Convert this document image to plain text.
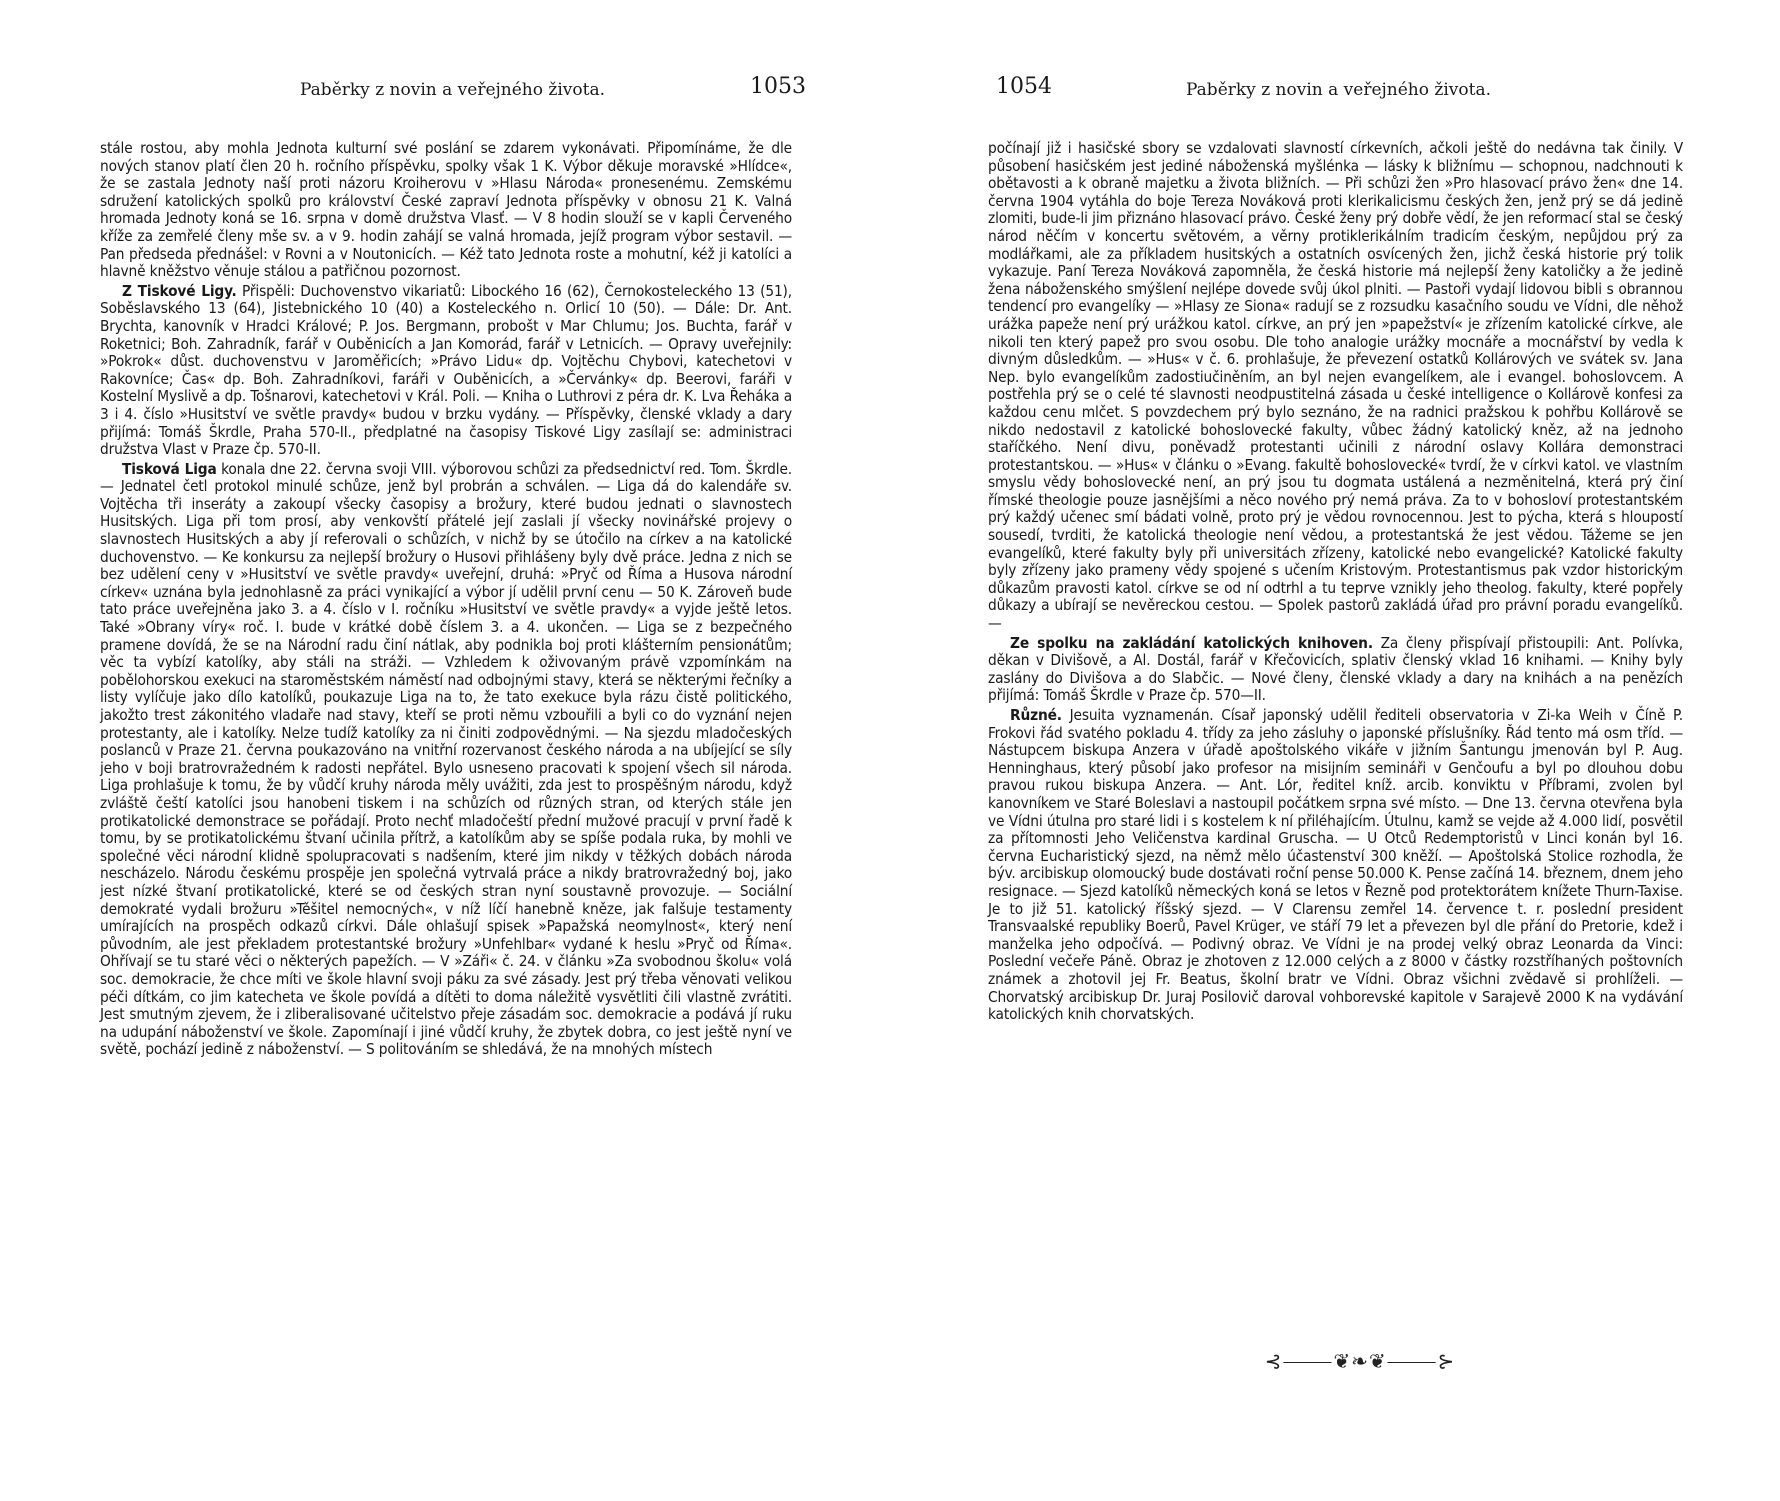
Paběrky z novin a veřejného života.	1053

stále rostou, aby mohla Jednota kulturní své poslání se zdarem vykonávati. Připomínáme, že dle nových stanov platí člen 20 h. ročního příspěvku, spolky však 1 K. Výbor děkuje moravské »Hlídce«, že se zastala Jednoty naší proti názoru Kroiherovu v »Hlasu Národa« pronesenému. Zemskému sdružení katolických spolků pro království České zapraví Jednota příspěvky v obnosu 21 K. Valná hromada Jednoty koná se 16. srpna v domě družstva Vlasť. — V 8 hodin slouží se v kapli Červeného kříže za zemřelé členy mše sv. a v 9. hodin zahájí se valná hromada, jejíž program výbor sestavil. — Pan předseda přednášel: v Rovni a v Noutonicích. — Kéž tato Jednota roste a mohutní, kéž ji katolíci a hlavně kněžstvo věnuje stálou a patřičnou pozornost.

Z Tiskové Ligy. Přispěli: Duchovenstvo vikariatů: Libockého 16 (62), Černokosteleckého 13 (51), Soběslavského 13 (64), Jistebnického 10 (40) a Kosteleckého n. Orlicí 10 (50). — Dále: Dr. Ant. Brychta, kanovník v Hradci Králové; P. Jos. Bergmann, probošt v Mar Chlumu; Jos. Buchta, farář v Roketnici; Boh. Zahradník, farář v Ouběnicích a Jan Komorád, farář v Letnicích. — Opravy uveřejnily: »Pokrok« důst. duchovenstvu v Jaroměřicích; »Právo Lidu« dp. Vojtěchu Chybovi, katechetovi v Rakovníce; Čas« dp. Boh. Zahradníkovi, faráři v Ouběnicích, a »Červánky« dp. Beerovi, faráři v Kostelní Myslivě a dp. Tošnarovi, katechetovi v Král. Poli. — Kniha o Luthrovi z péra dr. K. Lva Řeháka a 3 i 4. číslo »Husitství ve světle pravdy« budou v brzku vydány. — Příspěvky, členské vklady a dary přijímá: Tomáš Škrdle, Praha 570-II., předplatné na časopisy Tiskové Ligy zasílají se: administraci družstva Vlast v Praze čp. 570-II.

Tisková Liga konala dne 22. června svoji VIII. výborovou schůzi za předsednictví red. Tom. Škrdle. — Jednatel četl protokol minulé schůze, jenž byl probrán a schválen. — Liga dá do kalendáře sv. Vojtěcha tři inseráty a zakoupí všecky časopisy a brožury, které budou jednati o slavnostech Husitských. Liga při tom prosí, aby venkovští přátelé její zaslali jí všecky novinářské projevy o slavnostech Husitských a aby jí referovali o schůzích, v nichž by se útočilo na církev a na katolické duchovenstvo. — Ke konkursu za nejlepší brožury o Husovi přihlášeny byly dvě práce. Jedna z nich se bez udělení ceny v »Husitství ve světle pravdy« uveřejní, druhá: »Pryč od Říma a Husova národní církev« uznána byla jednohlasně za práci vynikající a výbor jí udělil první cenu — 50 K. Zároveň bude tato práce uveřejněna jako 3. a 4. číslo v I. ročníku »Husitství ve světle pravdy« a vyjde ještě letos. Také »Obrany víry« roč. I. bude v krátké době číslem 3. a 4. ukončen. — Liga se z bezpečného pramene dovídá, že se na Národní radu činí nátlak, aby podnikla boj proti klášterním pensionátům; věc ta vybízí katolíky, aby stáli na stráži. — Vzhledem k oživovaným právě vzpomínkám na pobělohorskou exekuci na staroměstském náměstí nad odbojnými stavy, která se některými řečníky a listy vylíčuje jako dílo katolíků, poukazuje Liga na to, že tato exekuce byla rázu čistě politického, jakožto trest zákonitého vladaře nad stavy, kteří se proti němu vzbouřili a byli co do vyznání nejen protestanty, ale i katolíky. Nelze tudíž katolíky za ni činiti zodpovědnými. — Na sjezdu mladočeských poslanců v Praze 21. června poukazováno na vnitřní rozervanost českého národa a na ubíjející se síly jeho v boji bratrovražedném k radosti nepřátel. Bylo usneseno pracovati k spojení všech sil národa. Liga prohlašuje k tomu, že by vůdčí kruhy národa měly uvážiti, zda jest to prospěšným národu, když zvláště čeští katolíci jsou hanobeni tiskem i na schůzích od různých stran, od kterých stále jen protikatolické demonstrace se pořádají. Proto nechť mladočeští přední mužové pracují v první řadě k tomu, by se protikatolickému štvaní učinila přítrž, a katolíkům aby se spíše podala ruka, by mohli ve společné věci národní klidně spolupracovati s nadšením, které jim nikdy v těžkých dobách národa nescházelo. Národu českému prospěje jen společná vytrvalá práce a nikdy bratrovražedný boj, jako jest nízké štvaní protikatolické, které se od českých stran nyní soustavně provozuje. — Sociální demokraté vydali brožuru »Těšitel nemocných«, v níž líčí hanebně kněze, jak falšuje testamenty umírajících na prospěch odkazů církvi. Dále ohlašují spisek »Papažská neomylnost«, který není původním, ale jest překladem protestantské brožury »Unfehlbar« vydané k heslu »Pryč od Říma«. Ohřívají se tu staré věci o některých papežích. — V »Záři« č. 24. v článku »Za svobodnou školu« volá soc. demokracie, že chce míti ve škole hlavní svoji páku za své zásady. Jest prý třeba věnovati velikou péči dítkám, co jim katecheta ve škole povídá a dítěti to doma náležitě vysvětliti čili vlastně zvrátiti. Jest smutným zjevem, že i zliberalisované učitelstvo přeje zásadám soc. demokracie a podává jí ruku na udupání náboženství ve škole. Zapomínají i jiné vůdčí kruhy, že zbytek dobra, co jest ještě nyní ve světě, pochází jedině z náboženství. — S politováním se shledává, že na mnohých místech

1054	Paběrky z novin a veřejného života.

počínají již i hasičské sbory se vzdalovati slavností církevních, ačkoli ještě do nedávna tak činily. V působení hasičském jest jediné náboženská myšlénka — lásky k bližnímu — schopnou, nadchnouti k obětavosti a k obraně majetku a života bližních. — Při schůzi žen »Pro hlasovací právo žen« dne 14. června 1904 vytáhla do boje Tereza Nováková proti klerikalicismu českých žen, jenž prý se dá jedině zlomiti, bude-li jim přiznáno hlasovací právo. České ženy prý dobře vědí, že jen reformací stal se český národ něčím v koncertu světovém, a věrny protiklerikálním tradicím českým, nepůjdou prý za modlářkami, ale za příkladem husitských a ostatních osvícených žen, jichž česká historie prý tolik vykazuje. Paní Tereza Nováková zapomněla, že česká historie má nejlepší ženy katoličky a že jedině žena náboženského smýšlení nejlépe dovede svůj úkol plniti. — Pastoři vydají lidovou bibli s obrannou tendencí pro evangelíky — »Hlasy ze Siona« radují se z rozsudku kasačního soudu ve Vídni, dle něhož urážka papeže není prý urážkou katol. církve, an prý jen »papežství« je zřízením katolické církve, ale nikoli ten který papež pro svou osobu. Dle toho analogie urážky mocnáře a mocnářství by vedla k divným důsledkům. — »Hus« v č. 6. prohlašuje, že převezení ostatků Kollárových ve svátek sv. Jana Nep. bylo evangelíkům zadostiučiněním, an byl nejen evangelíkem, ale i evangel. bohoslovcem. A postřehla prý se o celé té slavnosti neodpustitelná zásada u české intelligence o Kollárově konfesi za každou cenu mlčet. S povzdechem prý bylo seznáno, že na radnici pražskou k pohřbu Kollárově se nikdo nedostavil z katolické bohoslovecké fakulty, vůbec žádný katolický kněz, až na jednoho staříčkého. Není divu, poněvadž protestanti učinili z národní oslavy Kollára demonstraci protestantskou. — »Hus« v článku o »Evang. fakultě bohoslovecké« tvrdí, že v církvi katol. ve vlastním smyslu vědy bohoslovecké není, an prý jsou tu dogmata ustálená a nezměnitelná, která prý činí římské theologie pouze jasnějšími a něco nového prý nemá práva. Za to v bohosloví protestantském prý každý učenec smí bádati volně, proto prý je vědou rovnocennou. Jest to pýcha, která s hloupostí sousedí, tvrditi, že katolická theologie není vědou, a protestantská že jest vědou. Tážeme se jen evangelíků, které fakulty byly při universitách zřízeny, katolické nebo evangelické? Katolické fakulty byly zřízeny jako prameny vědy spojené s učením Kristovým. Protestantismus pak vzdor historickým důkazům pravosti katol. církve se od ní odtrhl a tu teprve vznikly jeho theolog. fakulty, které popřely důkazy a ubírají se nevěreckou cestou. — Spolek pastorů zakládá úřad pro právní poradu evangelíků. —

Ze spolku na zakládání katolických knihoven. Za členy přispívají přistoupili: Ant. Polívka, děkan v Divišově, a Al. Dostál, farář v Křečovicích, splativ členský vklad 16 knihami. — Knihy byly zaslány do Divišova a do Slabčic. — Nové členy, členské vklady a dary na knihách a na penězích přijímá: Tomáš Škrdle v Praze čp. 570—II.

Různé. Jesuita vyznamenán. Císař japonský udělil řediteli observatoria v Zi-ka Weih v Číně P. Frokovi řád svatého pokladu 4. třídy za jeho zásluhy o japonské příslušníky. Řád tento má osm tříd. — Nástupcem biskupa Anzera v úřadě apoštolského vikáře v jižním Šantungu jmenován byl P. Aug. Henninghaus, který působí jako profesor na misijním semináři v Genčoufu a byl po dlouhou dobu pravou rukou biskupa Anzera. — Ant. Lór, ředitel kníž. arcib. konviktu v Příbrami, zvolen byl kanovníkem ve Staré Boleslavi a nastoupil počátkem srpna své místo. — Dne 13. června otevřena byla ve Vídni útulna pro staré lidi i s kostelem k ní přiléhajícím. Útulnu, kamž se vejde až 4.000 lidí, posvětil za přítomnosti Jeho Veličenstva kardinal Gruscha. — U Otců Redemptoristů v Linci konán byl 16. června Eucharistický sjezd, na němž mělo účastenství 300 kněží. — Apoštolská Stolice rozhodla, že býv. arcibiskup olomoucký bude dostávati roční pense 50.000 K. Pense začíná 14. březnem, dnem jeho resignace. — Sjezd katolíků německých koná se letos v Řezně pod protektorátem knížete Thurn-Taxise. Je to již 51. katolický říšský sjezd. — V Clarensu zemřel 14. července t. r. poslední president Transvaalské republiky Boerů, Pavel Krüger, ve stáří 79 let a převezen byl dle přání do Pretorie, kdež i manželka jeho odpočívá. — Podivný obraz. Ve Vídni je na prodej velký obraz Leonarda da Vinci: Poslední večeře Páně. Obraz je zhotoven z 12.000 celých a z 8000 v částky rozstříhaných poštovních známek a zhotovil jej Fr. Beatus, školní bratr ve Vídni. Obraz všichni zvědavě si prohlíželi. — Chorvatský arcibiskup Dr. Juraj Posilovič daroval vohborevské kapitole v Sarajevě 2000 K na vydávání katolických knih chorvatských.

⊰⸻❦❧❦⸻⊱
